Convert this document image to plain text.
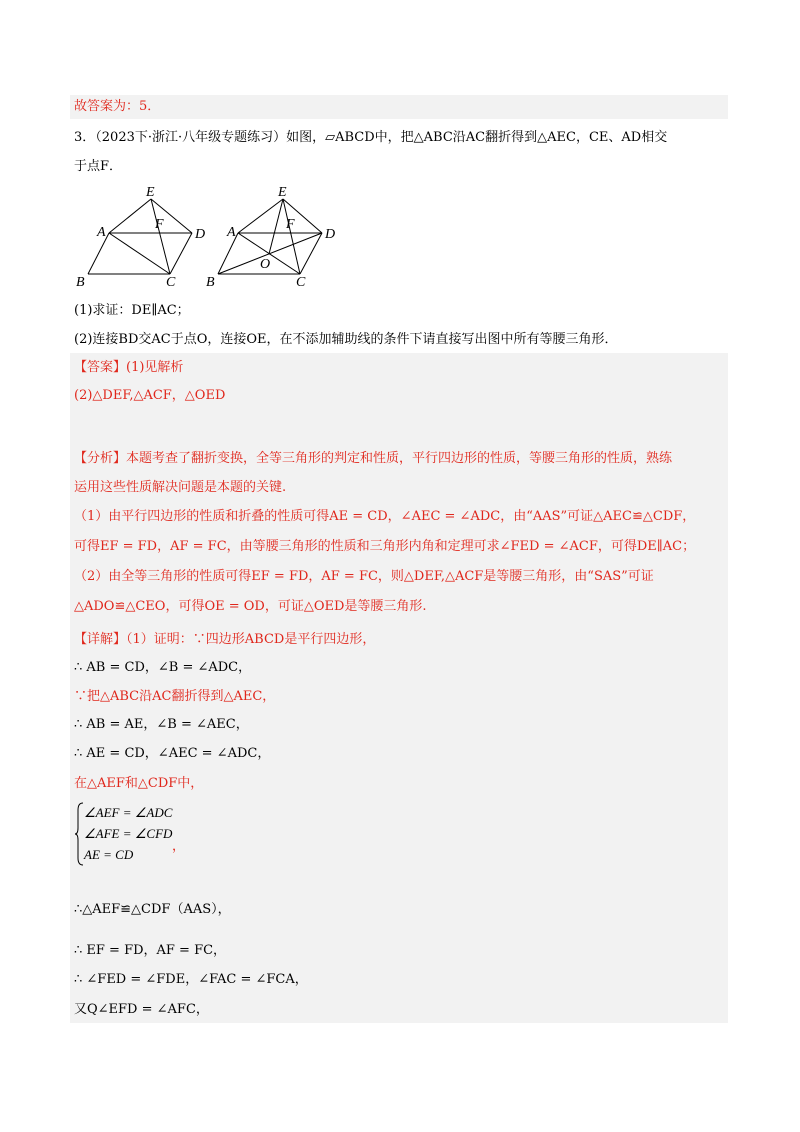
故答案为：5．
3．（2023下·浙江·八年级专题练习）如图，▱ABCD中，把△ABC沿AC翻折得到△AEC，CE、AD相交
于点F．
E
A
F
D
B	C
E
A
F
D
O
B	C
(1)求证：DE∥AC；
(2)连接BD交AC于点O，连接OE，在不添加辅助线的条件下请直接写出图中所有等腰三角形．
【答案】(1)见解析
(2)△DEF,△ACF，△OED
【分析】本题考查了翻折变换，全等三角形的判定和性质，平行四边形的性质，等腰三角形的性质，熟练
运用这些性质解决问题是本题的关键.
（1）由平行四边形的性质和折叠的性质可得AE = CD，∠AEC = ∠ADC，由“AAS”可证△AEC≌△CDF，
可得EF = FD，AF = FC，由等腰三角形的性质和三角形内角和定理可求∠FED = ∠ACF，可得DE∥AC；
（2）由全等三角形的性质可得EF = FD，AF = FC，则△DEF,△ACF是等腰三角形，由“SAS”可证
△ADO≌△CEO，可得OE = OD，可证△OED是等腰三角形.
【详解】（1）证明：∵四边形ABCD是平行四边形，
∴ AB = CD，∠B = ∠ADC，
∵把△ABC沿AC翻折得到△AEC，
∴ AB = AE，∠B = ∠AEC，
∴ AE = CD，∠AEC = ∠ADC，
在△AEF和△CDF中，
∠AEF = ∠ADC
∠AFE = ∠CFD
AE = CD
，
∴△AEF≌△CDF（AAS），
∴ EF = FD，AF = FC，
∴ ∠FED = ∠FDE，∠FAC = ∠FCA，
又Q∠EFD = ∠AFC，
